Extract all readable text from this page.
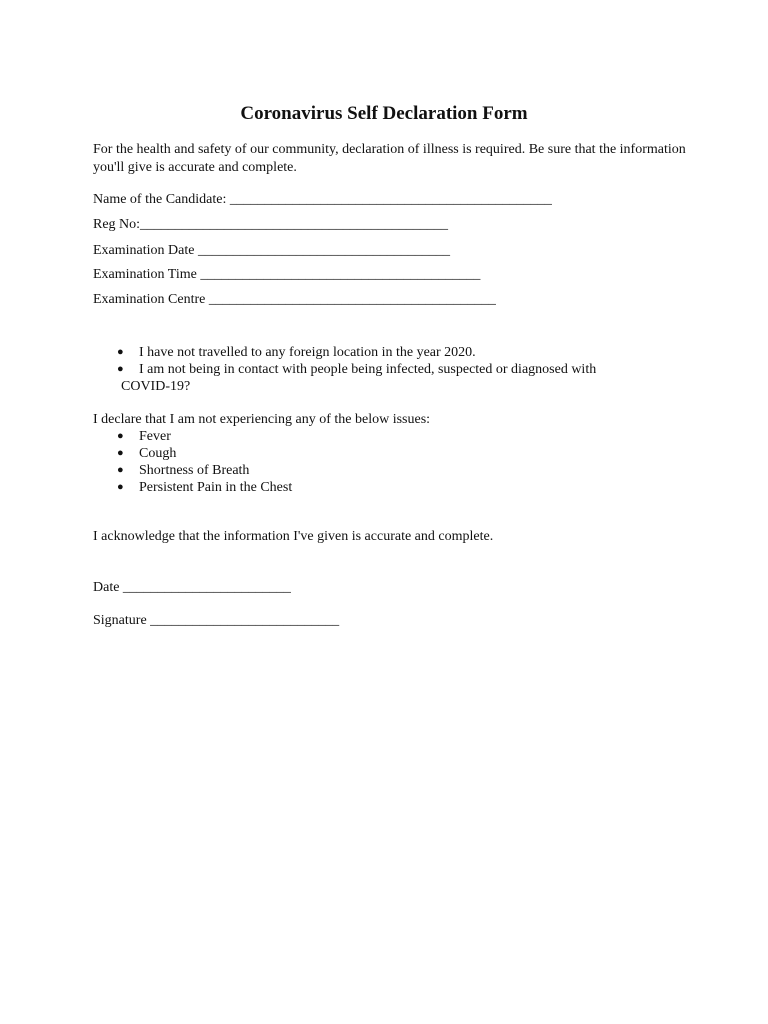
Coronavirus Self Declaration Form

For the health and safety of our community, declaration of illness is required. Be sure that the information you'll give is accurate and complete.

Name of the Candidate: ______________________________________________

Reg No:____________________________________________

Examination Date ____________________________________

Examination Time ________________________________________

Examination Centre _________________________________________

● I have not travelled to any foreign location in the year 2020.
● I am not being in contact with people being infected, suspected or diagnosed with
COVID-19?

I declare that I am not experiencing any of the below issues:

● Fever
● Cough
● Shortness of Breath
● Persistent Pain in the Chest

I acknowledge that the information I've given is accurate and complete.

Date ________________________

Signature ___________________________
